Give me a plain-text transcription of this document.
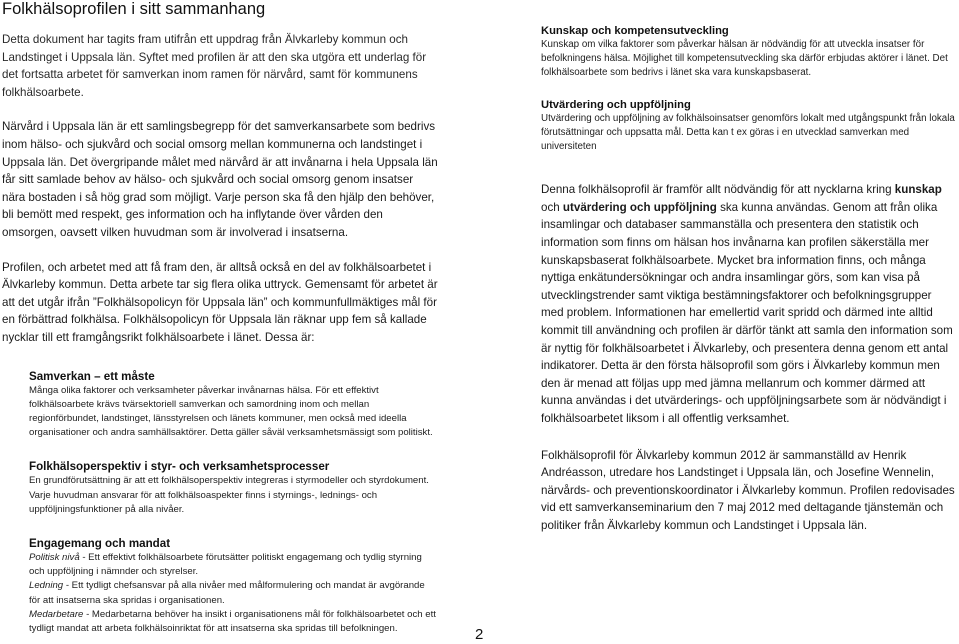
Folkhälsoprofilen i sitt sammanhang

Detta dokument har tagits fram utifrån ett uppdrag från Älvkarleby kommun och Landstinget i Uppsala län. Syftet med profilen är att den ska utgöra ett underlag för det fortsatta arbetet för samverkan inom ramen för närvård, samt för kommunens folkhälsoarbete.

Närvård i Uppsala län är ett samlingsbegrepp för det samverkansarbete som bedrivs inom hälso- och sjukvård och social omsorg mellan kommunerna och landstinget i Uppsala län. Det övergripande målet med närvård är att invånarna i hela Uppsala län får sitt samlade behov av hälso- och sjukvård och social omsorg genom insatser nära bostaden i så hög grad som möjligt. Varje person ska få den hjälp den behöver, bli bemött med respekt, ges information och ha inflytande över vården den omsorgen, oavsett vilken huvudman som är involverad i insatserna.

Profilen, och arbetet med att få fram den, är alltså också en del av folkhälsoarbetet i Älvkarleby kommun. Detta arbete tar sig flera olika uttryck. Gemensamt för arbetet är att det utgår ifrån ”Folkhälsopolicyn för Uppsala län” och kommunfullmäktiges mål för en förbättrad folkhälsa. Folkhälsopolicyn för Uppsala län räknar upp fem så kallade nycklar till ett framgångsrikt folkhälsoarbete i länet. Dessa är:

Samverkan – ett måste

Många olika faktorer och verksamheter påverkar invånarnas hälsa. För ett effektivt folkhälsoarbete krävs tvärsektoriell samverkan och samordning inom och mellan regionförbundet, landstinget, länsstyrelsen och länets kommuner, men också med ideella organisationer och andra samhällsaktörer. Detta gäller såväl verksamhetsmässigt som politiskt.

Folkhälsoperspektiv i styr- och verksamhetsprocesser

En grundförutsättning är att ett folkhälsoperspektiv integreras i styrmodeller och styrdokument. Varje huvudman ansvarar för att folkhälsoaspekter finns i styrnings-, lednings- och uppföljningsfunktioner på alla nivåer.

Engagemang och mandat

Politisk nivå - Ett effektivt folkhälsoarbete förutsätter politiskt engagemang och tydlig styrning och uppföljning i nämnder och styrelser.

Ledning - Ett tydligt chefsansvar på alla nivåer med målformulering och mandat är avgörande för att insatserna ska spridas i organisationen.

Medarbetare - Medarbetarna behöver ha insikt i organisationens mål för folkhälsoarbetet och ett tydligt mandat att arbeta folkhälsoinriktat för att insatserna ska spridas till befolkningen.

Kunskap och kompetensutveckling

Kunskap om vilka faktorer som påverkar hälsan är nödvändig för att utveckla insatser för befolkningens hälsa. Möjlighet till kompetensutveckling ska därför erbjudas aktörer i länet. Det folkhälsoarbete som bedrivs i länet ska vara kunskapsbaserat.

Utvärdering och uppföljning

Utvärdering och uppföljning av folkhälsoinsatser genomförs lokalt med utgångspunkt från lokala förutsättningar och uppsatta mål. Detta kan t ex göras i en utvecklad samverkan med universiteten

Denna folkhälsoprofil är framför allt nödvändig för att nycklarna kring kunskap och utvärdering och uppföljning ska kunna användas. Genom att från olika insamlingar och databaser sammanställa och presentera den statistik och information som finns om hälsan hos invånarna kan profilen säkerställa mer kunskapsbaserat folkhälsoarbete. Mycket bra information finns, och många nyttiga enkätundersökningar och andra insamlingar görs, som kan visa på utvecklingstrender samt viktiga bestämningsfaktorer och befolkningsgrupper med problem. Informationen har emellertid varit spridd och därmed inte alltid kommit till användning och profilen är därför tänkt att samla den information som är nyttig för folkhälsoarbetet i Älvkarleby, och presentera denna genom ett antal indikatorer. Detta är den första hälsoprofil som görs i Älvkarleby kommun men den är menad att följas upp med jämna mellanrum och kommer därmed att kunna användas i det utvärderings- och uppföljningsarbete som är nödvändigt i folkhälsoarbetet liksom i all offentlig verksamhet.

Folkhälsoprofil för Älvkarleby kommun 2012 är sammanställd av Henrik Andréasson, utredare hos Landstinget i Uppsala län, och Josefine Wennelin, närvårds- och preventionskoordinator i Älvkarleby kommun. Profilen redovisades vid ett samverkanseminarium den 7 maj 2012 med deltagande tjänstemän och politiker från Älvkarleby kommun och Landstinget i Uppsala län.

2
